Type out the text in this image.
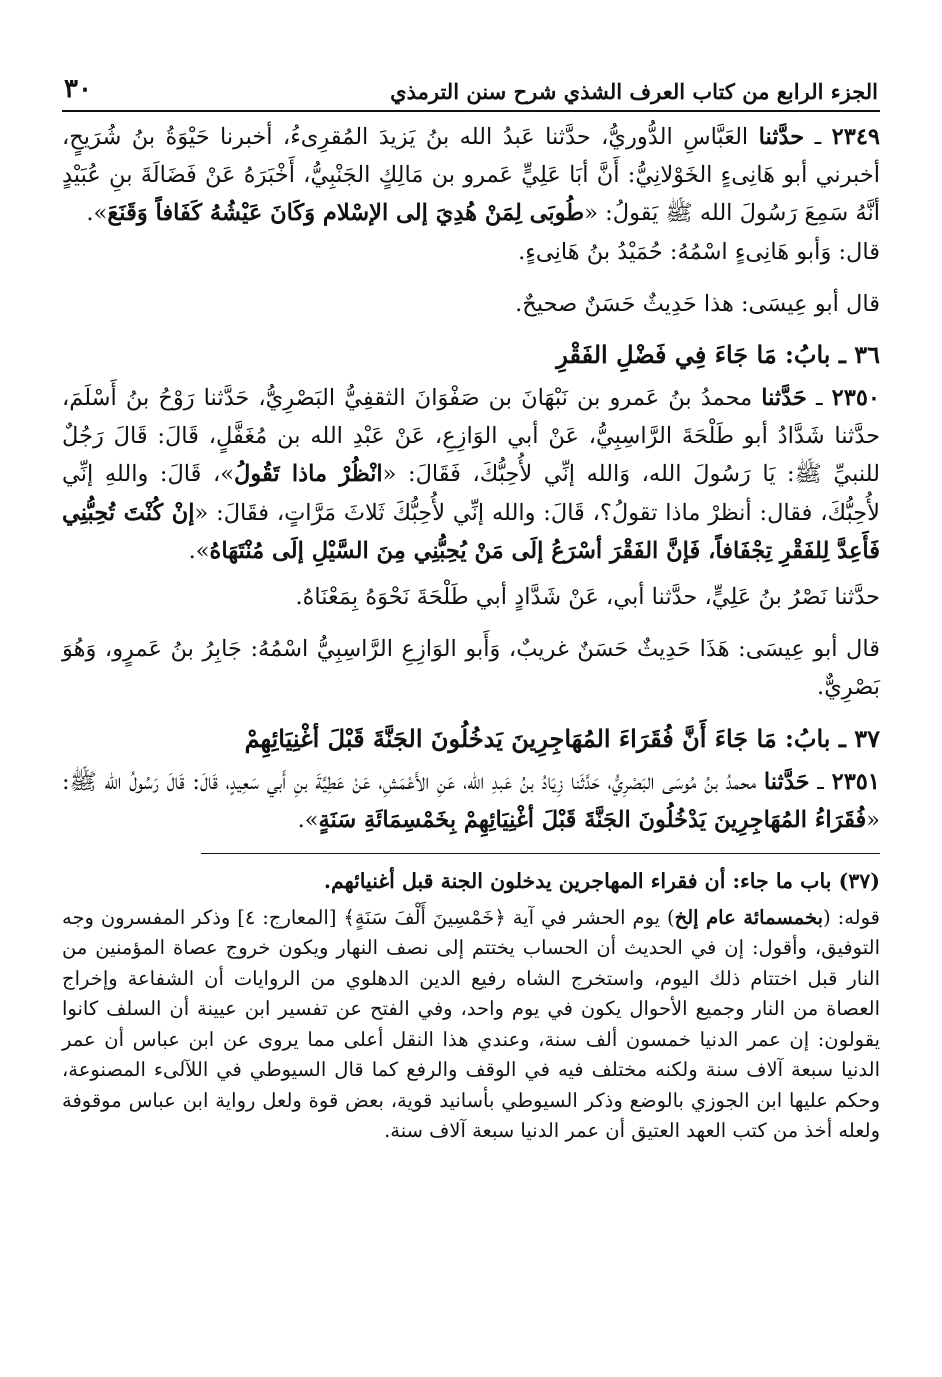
الجزء الرابع من كتاب العرف الشذي شرح سنن الترمذي
٣٠

٢٣٤٩ ـ حدَّثنا العَبَّاسِ الدُّوريُّ، حدَّثنا عَبدُ الله بنُ يَزيدَ المُقرِىءُ، أخبرنا حَيْوَةُ بنُ شُرَيحٍ، أخبرني أبو هَانِىءٍ الخَوْلانِيُّ: أَنَّ أبَا عَلِيٍّ عَمرو بن مَالِكٍ الجَنْبِيُّ، أَخْبَرَهُ عَنْ فَضَالَةَ بنِ عُبَيْدٍ أنَّهُ سَمِعَ رَسُولَ الله ﷺ يَقولُ: «طُوبَى لِمَنْ هُدِيَ إلى الإسْلام وَكَانَ عَيْشُهُ كَفَافاً وَقَنَعَ».
قال: وَأبو هَانِىءٍ اسْمُهُ: حُمَيْدُ بنُ هَانِىءٍ.

قال أبو عِيسَى: هذا حَدِيثٌ حَسَنٌ صحيحٌ.

٣٦ ـ بابُ: مَا جَاءَ فِي فَضْلِ الفَقْرِ

٢٣٥٠ ـ حَدَّثنا محمدُ بنُ عَمرو بن نَبْهَانَ بن صَفْوَانَ الثقفِيُّ البَصْرِيُّ، حَدَّثنا رَوْحُ بنُ أَسْلَمَ، حدَّثنا شَدَّادُ أبو طَلْحَةَ الرَّاسِبِيُّ، عَنْ أبي الوَازِعِ، عَنْ عَبْدِ الله بن مُغَفَّلٍ، قَالَ: قَالَ رَجُلٌ للنبيِّ ﷺ: يَا رَسُولَ الله، وَالله إنِّي لأُحِبُّكَ، فَقَالَ: «انْظُرْ ماذا تَقُولُ»، قَالَ: واللهِ إنِّي لأُحِبُّكَ، فقال: أنظرْ ماذا تقولُ؟، قَالَ: والله إنِّي لأُحِبُّكَ ثَلاثَ مَرَّاتٍ، فقَالَ: «إنْ كُنْتَ تُحِبُّنِي فَأَعِدَّ لِلفَقْرِ تِجْفَافاً، فَإنَّ الفَقْرَ أسْرَعُ إلَى مَنْ يُحِبُّنِي مِنَ السَّيْلِ إلَى مُنْتَهَاهُ».

حدَّثنا نَصْرُ بنُ عَلِيٍّ، حدَّثنا أبي، عَنْ شَدَّادٍ أبي طَلْحَةَ نَحْوَهُ بِمَعْنَاهُ.

قال أبو عِيسَى: هَذَا حَدِيثٌ حَسَنٌ غريبٌ، وَأَبو الوَازِعِ الرَّاسِبِيُّ اسْمُهُ: جَابِرُ بنُ عَمرٍو، وَهُوَ بَصْرِيٌّ.

٣٧ ـ بابُ: مَا جَاءَ أَنَّ فُقَرَاءَ المُهَاجِرِينَ يَدخُلُونَ الجَنَّةَ قَبْلَ أغْنِيَائِهِمْ

٢٣٥١ ـ حَدَّثنا محمدُ بنُ مُوسَى البَصْرِيُّ، حَدَّثَنا زِيَادُ بنُ عَبدِ الله، عَنِ الأَعْمَشِ، عَنْ عَطِيَّةَ بنِ أَبي سَعِيدٍ، قَالَ: قَالَ رَسُولُ الله ﷺ: «فُقَرَاءُ المُهَاجِرِينَ يَدْخُلُونَ الجَنَّةَ قَبْلَ أغْنِيَائِهِمْ بِخَمْسِمَائَةِ سَنَةٍ».

(٣٧) باب ما جاء: أن فقراء المهاجرين يدخلون الجنة قبل أغنيائهم.

قوله: (بخمسمائة عام إلخ) يوم الحشر في آية ﴿خَمْسِينَ أَلْفَ سَنَةٍ﴾ [المعارج: ٤] وذكر المفسرون وجه التوفيق، وأقول: إن في الحديث أن الحساب يختتم إلى نصف النهار ويكون خروج عصاة المؤمنين من النار قبل اختتام ذلك اليوم، واستخرج الشاه رفيع الدين الدهلوي من الروايات أن الشفاعة وإخراج العصاة من النار وجميع الأحوال يكون في يوم واحد، وفي الفتح عن تفسير ابن عيينة أن السلف كانوا يقولون: إن عمر الدنيا خمسون ألف سنة، وعندي هذا النقل أعلى مما يروى عن ابن عباس أن عمر الدنيا سبعة آلاف سنة ولكنه مختلف فيه في الوقف والرفع كما قال السيوطي في اللآلىء المصنوعة، وحكم عليها ابن الجوزي بالوضع وذكر السيوطي بأسانيد قوية، بعض قوة ولعل رواية ابن عباس موقوفة ولعله أخذ من كتب العهد العتيق أن عمر الدنيا سبعة آلاف سنة.
